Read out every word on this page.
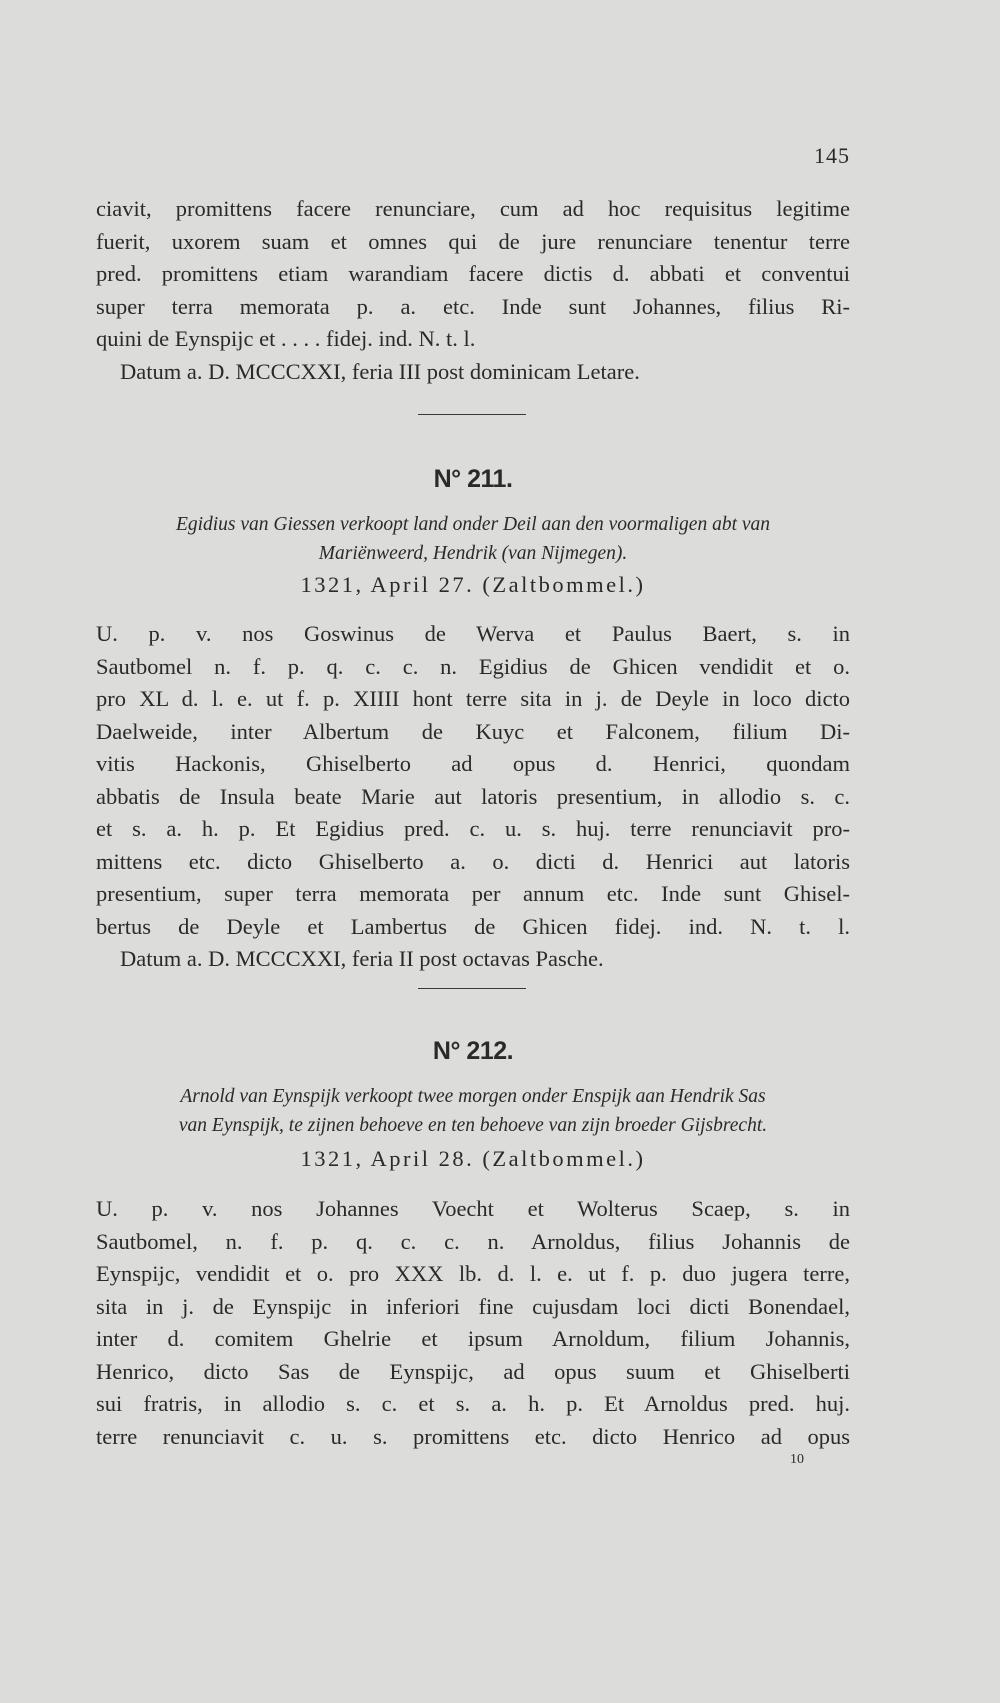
145
ciavit, promittens facere renunciare, cum ad hoc requisitus legitime
fuerit, uxorem suam et omnes qui de jure renunciare tenentur terre
pred. promittens etiam warandiam facere dictis d. abbati et conventui
super terra memorata p. a. etc. Inde sunt Johannes, filius Ri-
quini de Eynspijc et . . . . fidej. ind. N. t. l.
Datum a. D. MCCCXXI, feria III post dominicam Letare.
N° 211.
Egidius van Giessen verkoopt land onder Deil aan den voormaligen abt van
Mariënweerd, Hendrik (van Nijmegen).
1321, April 27. (Zaltbommel.)
U. p. v. nos Goswinus de Werva et Paulus Baert, s. in
Sautbomel n. f. p. q. c. c. n. Egidius de Ghicen vendidit et o.
pro XL d. l. e. ut f. p. XIIII hont terre sita in j. de Deyle in loco dicto
Daelweide, inter Albertum de Kuyc et Falconem, filium Di-
vitis Hackonis, Ghiselberto ad opus d. Henrici, quondam
abbatis de Insula beate Marie aut latoris presentium, in allodio s. c.
et s. a. h. p. Et Egidius pred. c. u. s. huj. terre renunciavit pro-
mittens etc. dicto Ghiselberto a. o. dicti d. Henrici aut latoris
presentium, super terra memorata per annum etc. Inde sunt Ghisel-
bertus de Deyle et Lambertus de Ghicen fidej. ind. N. t. l.
Datum a. D. MCCCXXI, feria II post octavas Pasche.
N° 212.
Arnold van Eynspijk verkoopt twee morgen onder Enspijk aan Hendrik Sas
van Eynspijk, te zijnen behoeve en ten behoeve van zijn broeder Gijsbrecht.
1321, April 28. (Zaltbommel.)
U. p. v. nos Johannes Voecht et Wolterus Scaep, s. in
Sautbomel, n. f. p. q. c. c. n. Arnoldus, filius Johannis de
Eynspijc, vendidit et o. pro XXX lb. d. l. e. ut f. p. duo jugera terre,
sita in j. de Eynspijc in inferiori fine cujusdam loci dicti Bonendael,
inter d. comitem Ghelrie et ipsum Arnoldum, filium Johannis,
Henrico, dicto Sas de Eynspijc, ad opus suum et Ghiselberti
sui fratris, in allodio s. c. et s. a. h. p. Et Arnoldus pred. huj.
terre renunciavit c. u. s. promittens etc. dicto Henrico ad opus
10
